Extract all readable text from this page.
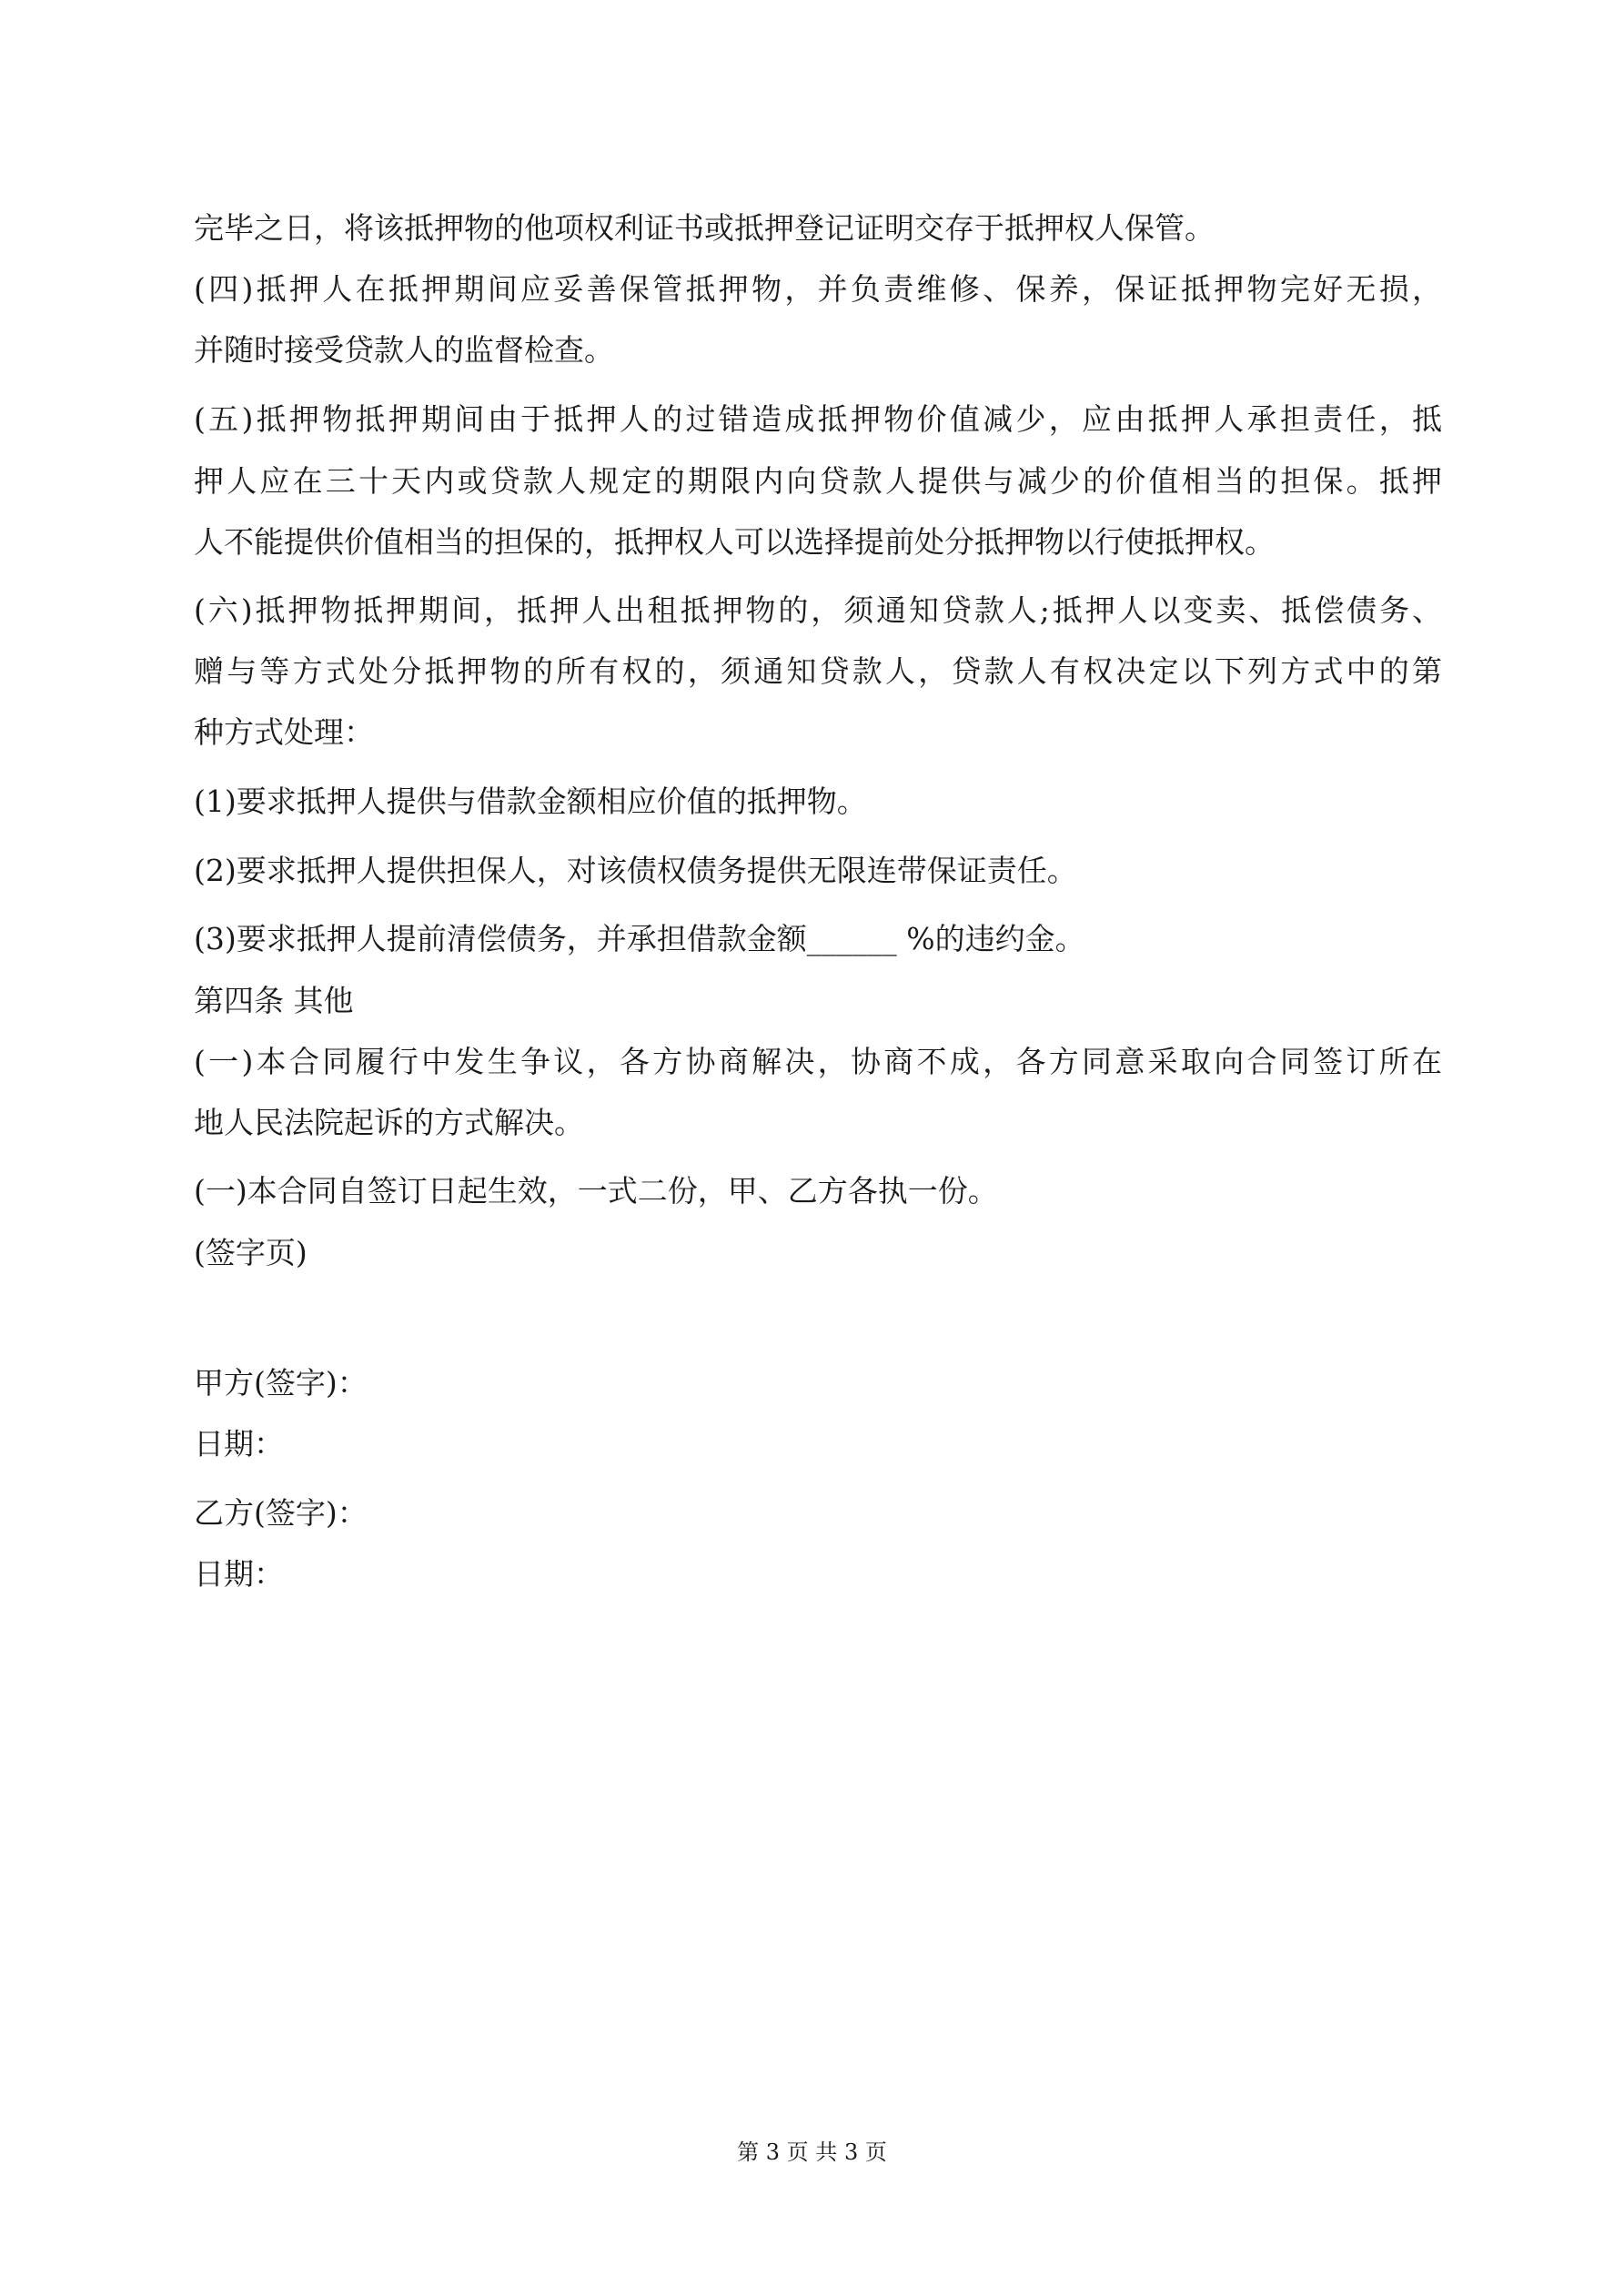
完毕之日，将该抵押物的他项权利证书或抵押登记证明交存于抵押权人保管。
(四)抵押人在抵押期间应妥善保管抵押物，并负责维修、保养，保证抵押物完好无损，
并随时接受贷款人的监督检查。
(五)抵押物抵押期间由于抵押人的过错造成抵押物价值减少，应由抵押人承担责任，抵
押人应在三十天内或贷款人规定的期限内向贷款人提供与减少的价值相当的担保。抵押
人不能提供价值相当的担保的，抵押权人可以选择提前处分抵押物以行使抵押权。
(六)抵押物抵押期间，抵押人出租抵押物的，须通知贷款人;抵押人以变卖、抵偿债务、
赠与等方式处分抵押物的所有权的，须通知贷款人，贷款人有权决定以下列方式中的第
种方式处理：
(1)要求抵押人提供与借款金额相应价值的抵押物。
(2)要求抵押人提供担保人，对该债权债务提供无限连带保证责任。
(3)要求抵押人提前清偿债务，并承担借款金额______ %的违约金。
第四条 其他
(一)本合同履行中发生争议，各方协商解决，协商不成，各方同意采取向合同签订所在
地人民法院起诉的方式解决。
(一)本合同自签订日起生效，一式二份，甲、乙方各执一份。
(签字页)
甲方(签字)：
日期：
乙方(签字)：
日期：
第 3 页 共 3 页
